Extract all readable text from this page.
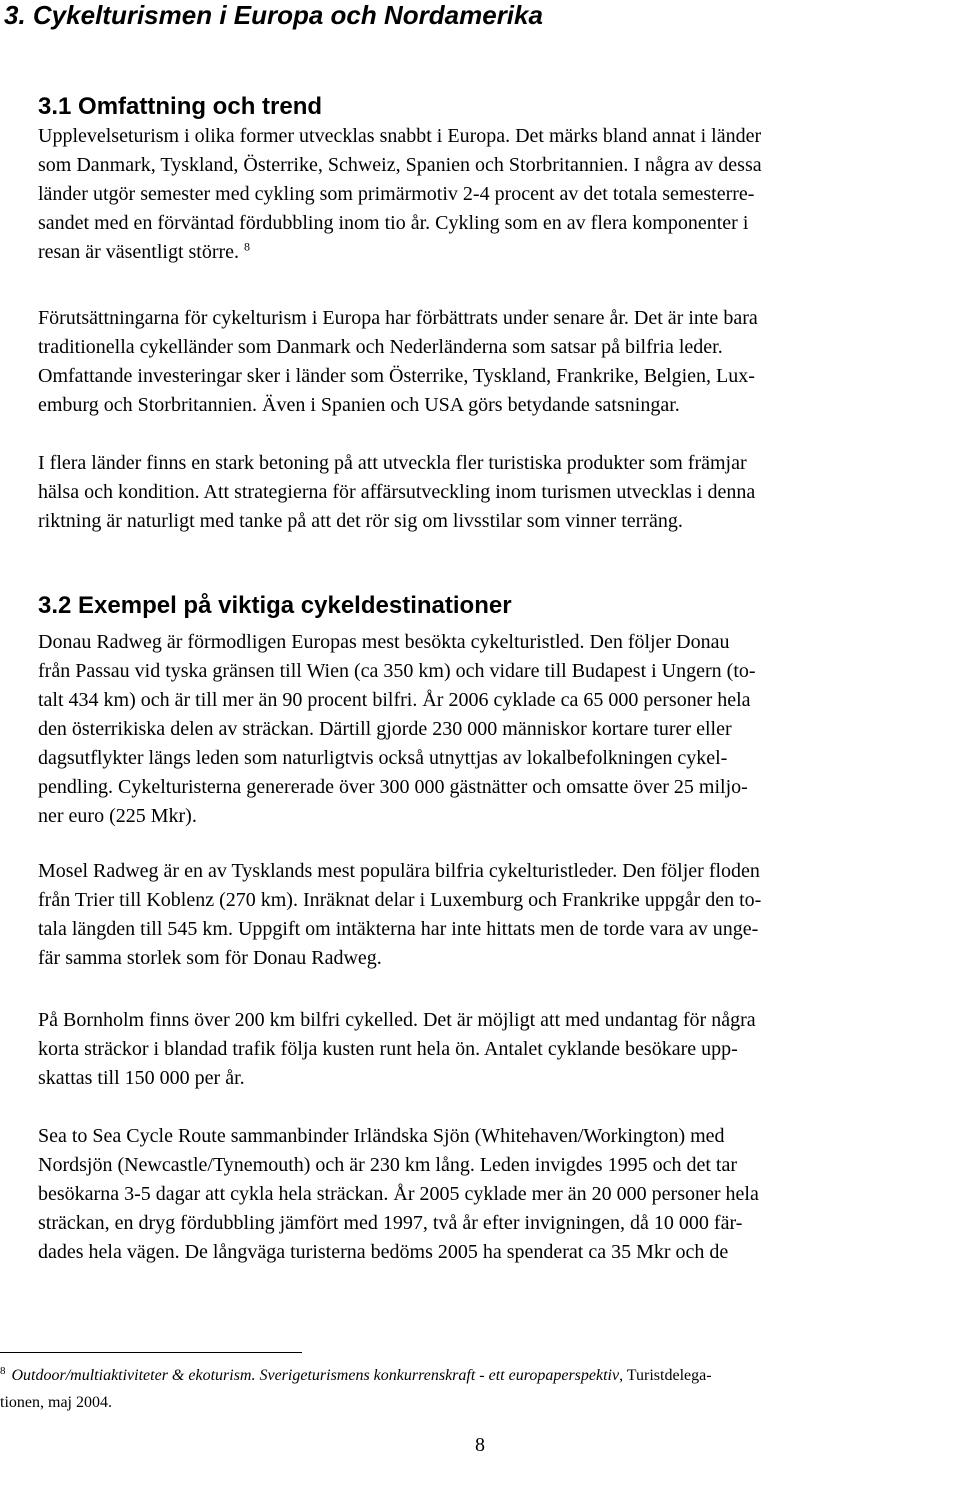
3. Cykelturismen i Europa och Nordamerika
3.1 Omfattning och trend
Upplevelseturism i olika former utvecklas snabbt i Europa. Det märks bland annat i länder
som Danmark, Tyskland, Österrike, Schweiz, Spanien och Storbritannien. I några av dessa
länder utgör semester med cykling som primärmotiv 2-4 procent av det totala semesterre-
sandet med en förväntad fördubbling inom tio år. Cykling som en av flera komponenter i
resan är väsentligt större. $^8$
Förutsättningarna för cykelturism i Europa har förbättrats under senare år. Det är inte bara
traditionella cykelländer som Danmark och Nederländerna som satsar på bilfria leder.
Omfattande investeringar sker i länder som Österrike, Tyskland, Frankrike, Belgien, Lux-
emburg och Storbritannien. Även i Spanien och USA görs betydande satsningar.
I flera länder finns en stark betoning på att utveckla fler turistiska produkter som främjar
hälsa och kondition. Att strategierna för affärsutveckling inom turismen utvecklas i denna
riktning är naturligt med tanke på att det rör sig om livsstilar som vinner terräng.
3.2 Exempel på viktiga cykeldestinationer
Donau Radweg är förmodligen Europas mest besökta cykelturistled. Den följer Donau
från Passau vid tyska gränsen till Wien (ca 350 km) och vidare till Budapest i Ungern (to-
talt 434 km) och är till mer än 90 procent bilfri. År 2006 cyklade ca 65 000 personer hela
den österrikiska delen av sträckan. Därtill gjorde 230 000 människor kortare turer eller
dagsutflykter längs leden som naturligtvis också utnyttjas av lokalbefolkningen cykel-
pendling. Cykelturisterna genererade över 300 000 gästnätter och omsatte över 25 miljo-
ner euro (225 Mkr).
Mosel Radweg är en av Tysklands mest populära bilfria cykelturistleder. Den följer floden
från Trier till Koblenz (270 km). Inräknat delar i Luxemburg och Frankrike uppgår den to-
tala längden till 545 km. Uppgift om intäkterna har inte hittats men de torde vara av unge-
fär samma storlek som för Donau Radweg.
På Bornholm finns över 200 km bilfri cykelled. Det är möjligt att med undantag för några
korta sträckor i blandad trafik följa kusten runt hela ön. Antalet cyklande besökare upp-
skattas till 150 000 per år.
Sea to Sea Cycle Route sammanbinder Irländska Sjön (Whitehaven/Workington) med
Nordsjön (Newcastle/Tynemouth) och är 230 km lång. Leden invigdes 1995 och det tar
besökarna 3-5 dagar att cykla hela sträckan. År 2005 cyklade mer än 20 000 personer hela
sträckan, en dryg fördubbling jämfört med 1997, två år efter invigningen, då 10 000 fär-
dades hela vägen. De långväga turisterna bedöms 2005 ha spenderat ca 35 Mkr och de
$^8$ Outdoor/multiaktiviteter & ekoturism. Sverigeturismens konkurrenskraft - ett europaperspektiv, Turistdelega-
tionen, maj 2004.
8
